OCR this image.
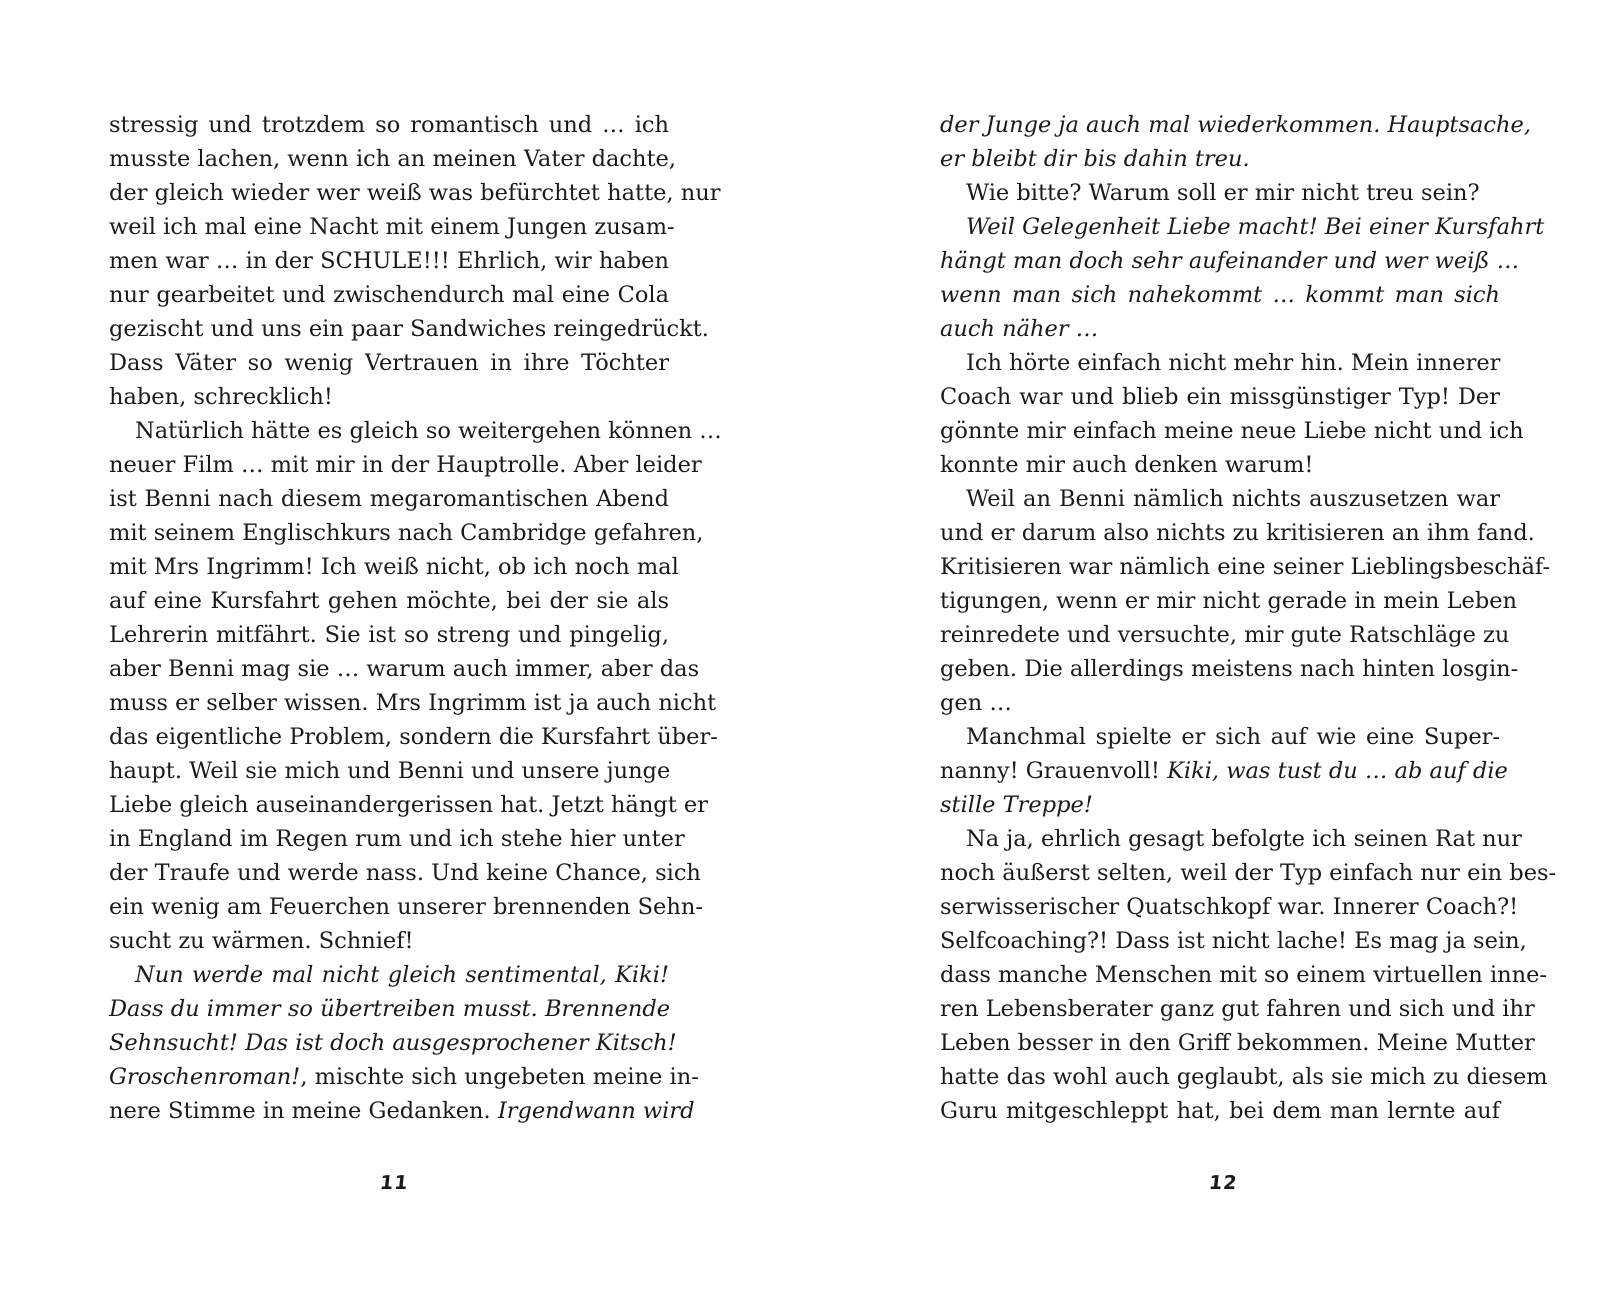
stressig und trotzdem so romantisch und … ich
musste lachen, wenn ich an meinen Vater dachte,
der gleich wieder wer weiß was befürchtet hatte, nur
weil ich mal eine Nacht mit einem Jungen zusam-
men war … in der SCHULE!!! Ehrlich, wir haben
nur gearbeitet und zwischendurch mal eine Cola
gezischt und uns ein paar Sandwiches reingedrückt.
Dass Väter so wenig Vertrauen in ihre Töchter
haben, schrecklich!
Natürlich hätte es gleich so weitergehen können …
neuer Film … mit mir in der Hauptrolle. Aber leider
ist Benni nach diesem megaromantischen Abend
mit seinem Englischkurs nach Cambridge gefahren,
mit Mrs Ingrimm! Ich weiß nicht, ob ich noch mal
auf eine Kursfahrt gehen möchte, bei der sie als
Lehrerin mitfährt. Sie ist so streng und pingelig,
aber Benni mag sie … warum auch immer, aber das
muss er selber wissen. Mrs Ingrimm ist ja auch nicht
das eigentliche Problem, sondern die Kursfahrt über-
haupt. Weil sie mich und Benni und unsere junge
Liebe gleich auseinandergerissen hat. Jetzt hängt er
in England im Regen rum und ich stehe hier unter
der Traufe und werde nass. Und keine Chance, sich
ein wenig am Feuerchen unserer brennenden Sehn-
sucht zu wärmen. Schnief!
Nun werde mal nicht gleich sentimental, Kiki!
Dass du immer so übertreiben musst. Brennende
Sehnsucht! Das ist doch ausgesprochener Kitsch!
Groschenroman!, mischte sich ungebeten meine in-
nere Stimme in meine Gedanken. Irgendwann wird
11
der Junge ja auch mal wiederkommen. Hauptsache,
er bleibt dir bis dahin treu.
Wie bitte? Warum soll er mir nicht treu sein?
Weil Gelegenheit Liebe macht! Bei einer Kursfahrt
hängt man doch sehr aufeinander und wer weiß …
wenn man sich nahekommt … kommt man sich
auch näher …
Ich hörte einfach nicht mehr hin. Mein innerer
Coach war und blieb ein missgünstiger Typ! Der
gönnte mir einfach meine neue Liebe nicht und ich
konnte mir auch denken warum!
Weil an Benni nämlich nichts auszusetzen war
und er darum also nichts zu kritisieren an ihm fand.
Kritisieren war nämlich eine seiner Lieblingsbeschäf-
tigungen, wenn er mir nicht gerade in mein Leben
reinredete und versuchte, mir gute Ratschläge zu
geben. Die allerdings meistens nach hinten losgin-
gen …
Manchmal spielte er sich auf wie eine Super-
nanny! Grauenvoll! Kiki, was tust du … ab auf die
stille Treppe!
Na ja, ehrlich gesagt befolgte ich seinen Rat nur
noch äußerst selten, weil der Typ einfach nur ein bes-
serwisserischer Quatschkopf war. Innerer Coach?!
Selfcoaching?! Dass ist nicht lache! Es mag ja sein,
dass manche Menschen mit so einem virtuellen inne-
ren Lebensberater ganz gut fahren und sich und ihr
Leben besser in den Griff bekommen. Meine Mutter
hatte das wohl auch geglaubt, als sie mich zu diesem
Guru mitgeschleppt hat, bei dem man lernte auf
12
